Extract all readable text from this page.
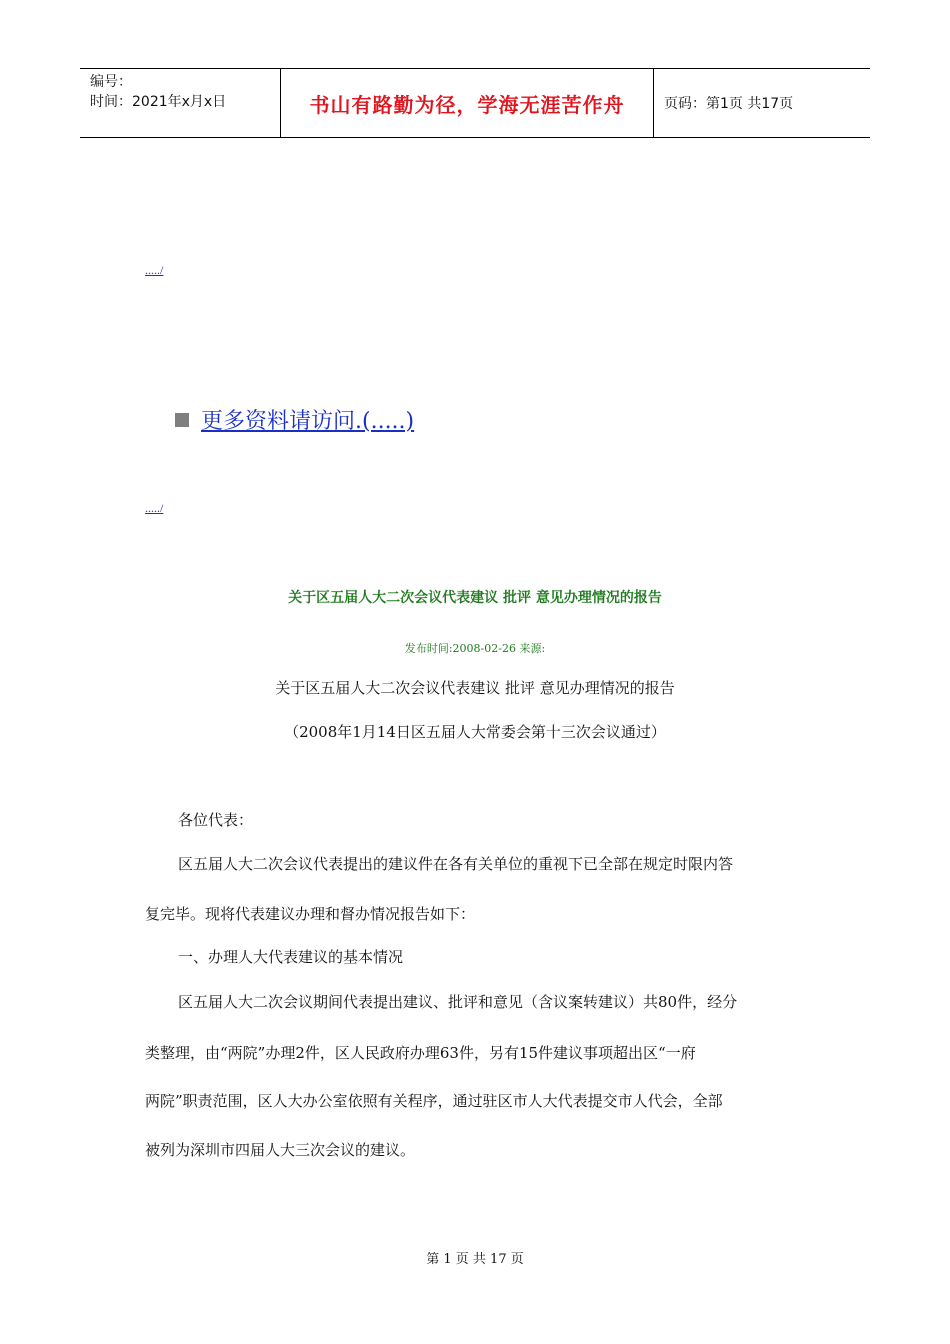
编号：
时间：2021年x月x日	书山有路勤为径，学海无涯苦作舟	页码：第1页 共17页
...../
更多资料请访问.(.....)
...../
关于区五届人大二次会议代表建议 批评 意见办理情况的报告
发布时间:2008-02-26 来源:
关于区五届人大二次会议代表建议 批评 意见办理情况的报告
（2008年1月14日区五届人大常委会第十三次会议通过）
各位代表：
区五届人大二次会议代表提出的建议件在各有关单位的重视下已全部在规定时限内答
复完毕。现将代表建议办理和督办情况报告如下：
一、办理人大代表建议的基本情况
区五届人大二次会议期间代表提出建议、批评和意见（含议案转建议）共80件，经分
类整理，由“两院”办理2件，区人民政府办理63件，另有15件建议事项超出区“一府
两院”职责范围，区人大办公室依照有关程序，通过驻区市人大代表提交市人代会，全部
被列为深圳市四届人大三次会议的建议。
第 1 页 共 17 页
